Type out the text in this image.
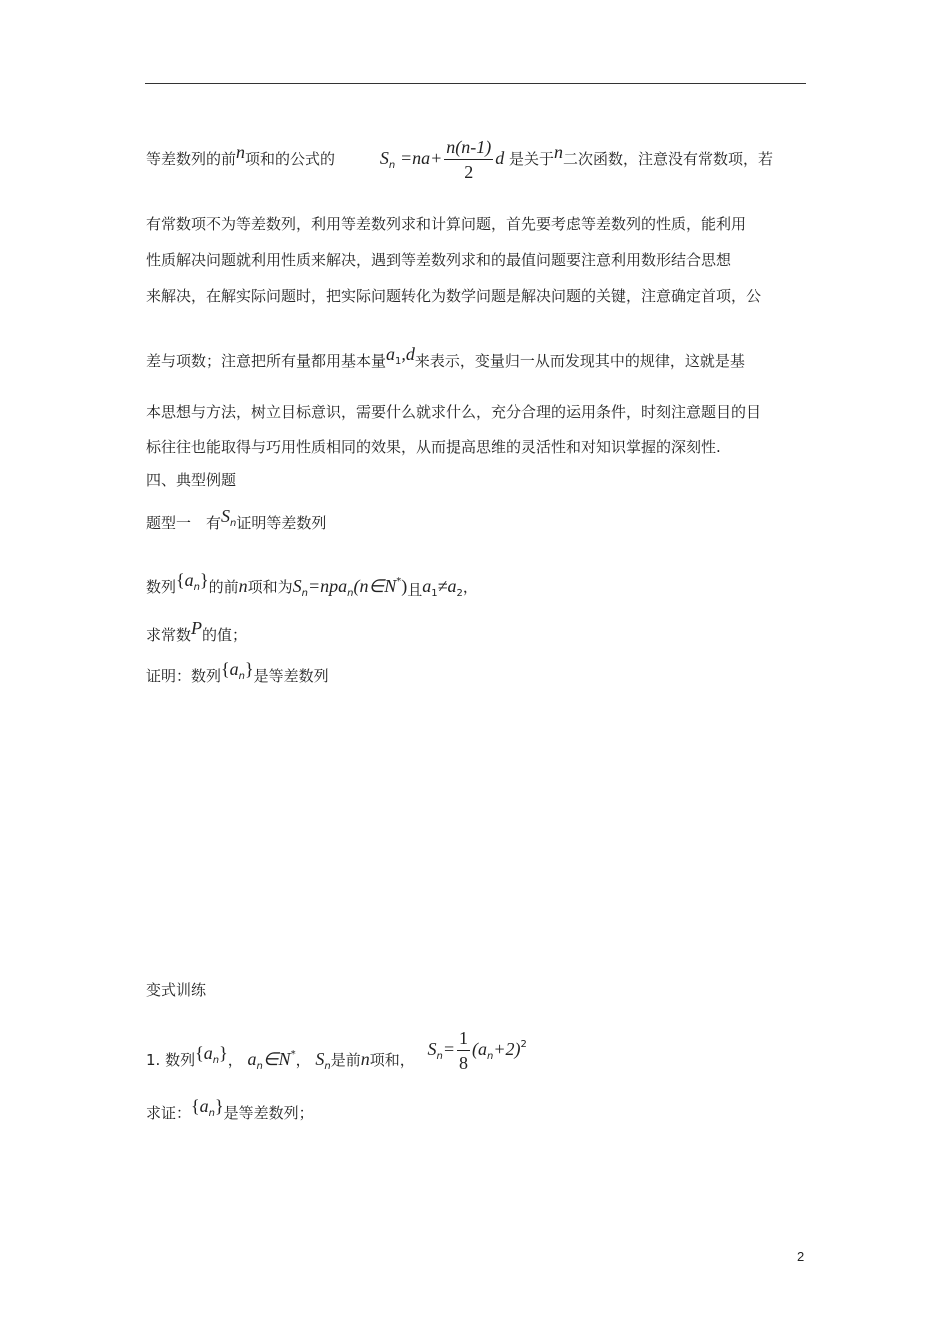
等差数列的前n项和的公式的 $S_n =na+ \frac{n(n-1)}{2}$ d 是关于n二次函数，注意没有常数项，若
有常数项不为等差数列，利用等差数列求和计算问题，首先要考虑等差数列的性质，能利用
性质解决问题就利用性质来解决，遇到等差数列求和的最值问题要注意利用数形结合思想
来解决，在解实际问题时，把实际问题转化为数学问题是解决问题的关键，注意确定首项，公
差与项数；注意把所有量都用基本量$a_1,d$来表示，变量归一从而发现其中的规律，这就是基
本思想与方法，树立目标意识，需要什么就求什么，充分合理的运用条件，时刻注意题目的目
标往往也能取得与巧用性质相同的效果，从而提高思维的灵活性和对知识掌握的深刻性.
四、典型例题
题型一　有$S_n$证明等差数列
数列$\{a_n\}$的前n项和为$S_n=npa_n(n\in N^*)$且$a_1\ne a_2$，
求常数P的值；
证明：数列$\{a_n\}$是等差数列
变式训练
1. 数列$\{a_n\}$， $a_n\in N^*$， $S_n$是前n项和， $S_n= \frac{1}{8} (a_n+2)^2$
求证：$\{a_n\}$是等差数列；
2
